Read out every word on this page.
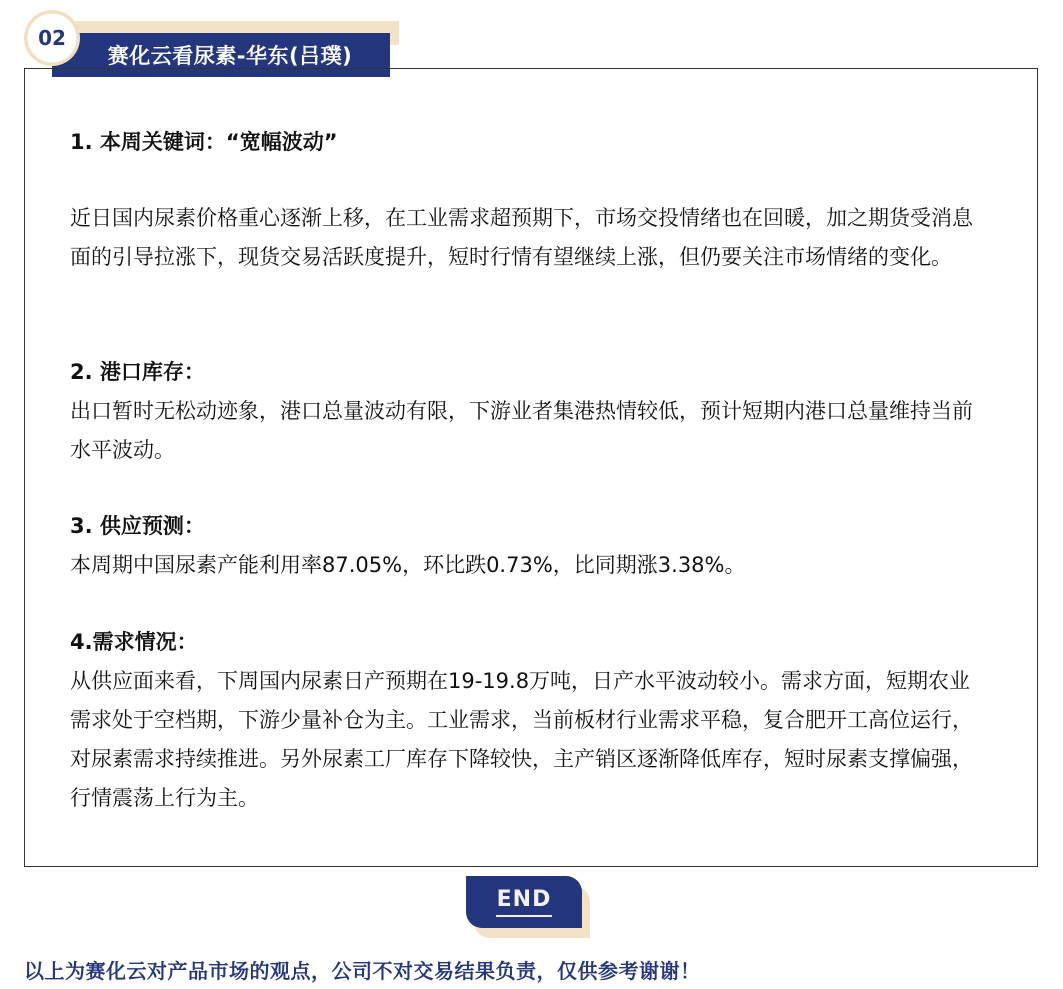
赛化云看尿素-华东(吕璞)
02
1. 本周关键词：“宽幅波动”
近日国内尿素价格重心逐渐上移，在工业需求超预期下，市场交投情绪也在回暖，加之期货受消息面的引导拉涨下，现货交易活跃度提升，短时行情有望继续上涨，但仍要关注市场情绪的变化。
2. 港口库存：
出口暂时无松动迹象，港口总量波动有限，下游业者集港热情较低，预计短期内港口总量维持当前水平波动。
3. 供应预测：
本周期中国尿素产能利用率87.05%，环比跌0.73%，比同期涨3.38%。
4.需求情况：
从供应面来看，下周国内尿素日产预期在19-19.8万吨，日产水平波动较小。需求方面，短期农业需求处于空档期，下游少量补仓为主。工业需求，当前板材行业需求平稳，复合肥开工高位运行，对尿素需求持续推进。另外尿素工厂库存下降较快，主产销区逐渐降低库存，短时尿素支撑偏强，行情震荡上行为主。
END
以上为赛化云对产品市场的观点，公司不对交易结果负责，仅供参考谢谢！
